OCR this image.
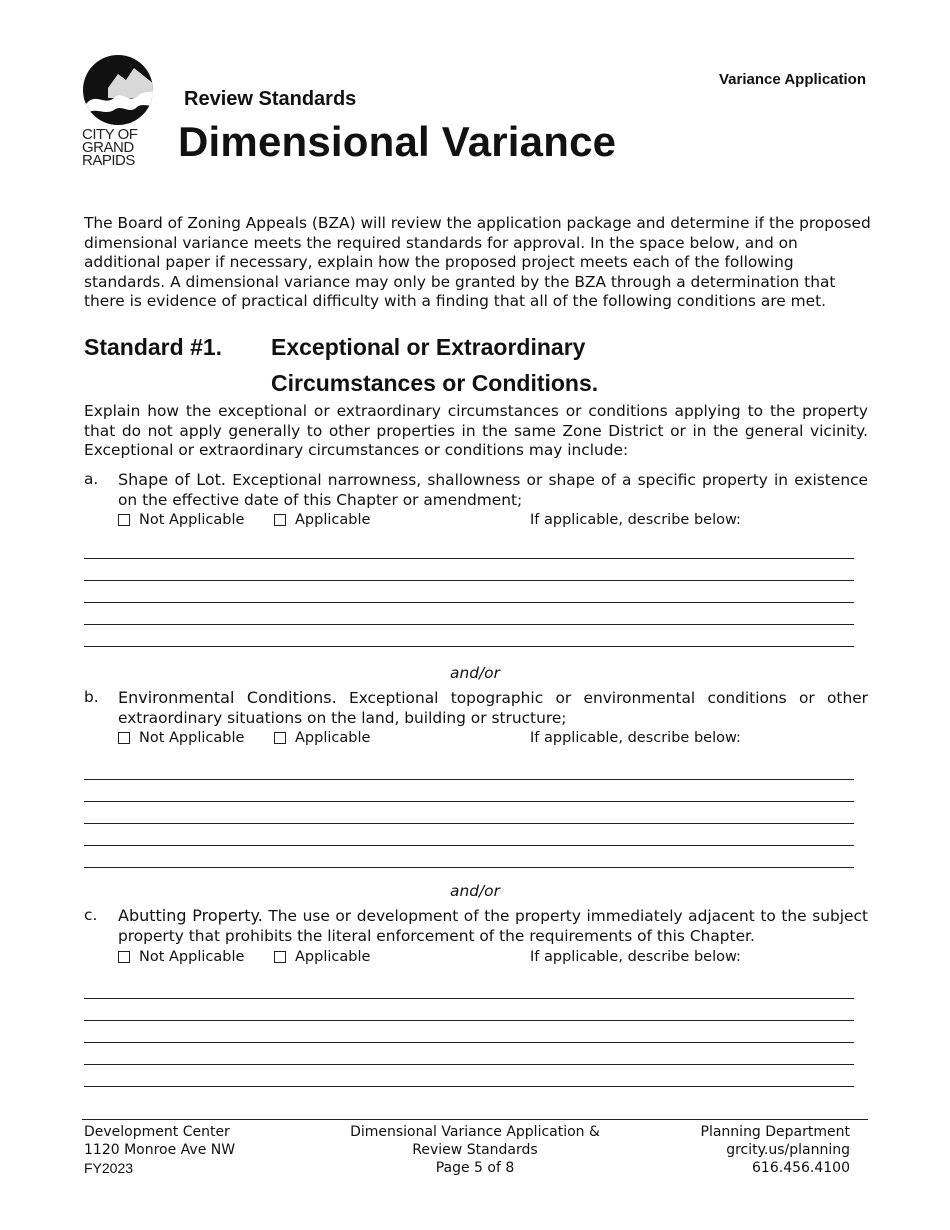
CITY OF
GRAND
RAPIDS
Variance Application
Review Standards
Dimensional Variance
The Board of Zoning Appeals (BZA) will review the application package and determine if the proposed dimensional variance meets the required standards for approval. In the space below, and on additional paper if necessary, explain how the proposed project meets each of the following standards. A dimensional variance may only be granted by the BZA through a determination that there is evidence of practical difficulty with a finding that all of the following conditions are met.
Standard #1. Exceptional or Extraordinary
Circumstances or Conditions.
Explain how the exceptional or extraordinary circumstances or conditions applying to the property that do not apply generally to other properties in the same Zone District or in the general vicinity. Exceptional or extraordinary circumstances or conditions may include:
a. Shape of Lot. Exceptional narrowness, shallowness or shape of a specific property in existence on the effective date of this Chapter or amendment;
Not Applicable	Applicable	If applicable, describe below:
and/or
b. Environmental Conditions. Exceptional topographic or environmental conditions or other extraordinary situations on the land, building or structure;
Not Applicable	Applicable	If applicable, describe below:
and/or
c. Abutting Property. The use or development of the property immediately adjacent to the subject property that prohibits the literal enforcement of the requirements of this Chapter.
Not Applicable	Applicable	If applicable, describe below:
Development Center
1120 Monroe Ave NW
FY2023
Dimensional Variance Application &
Review Standards
Page 5 of 8
Planning Department
grcity.us/planning
616.456.4100
